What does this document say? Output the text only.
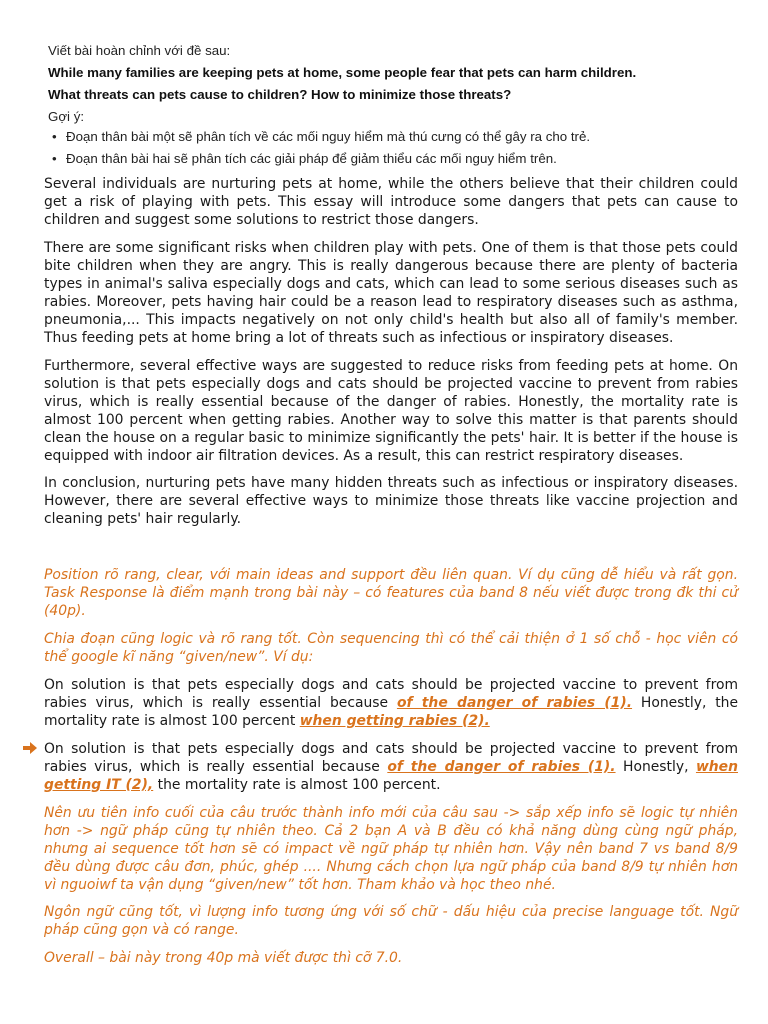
Viết bài hoàn chỉnh với đề sau:
While many families are keeping pets at home, some people fear that pets can harm children.
What threats can pets cause to children? How to minimize those threats?
Gợi ý:
• Đoạn thân bài một sẽ phân tích về các mối nguy hiểm mà thú cưng có thể gây ra cho trẻ.
• Đoạn thân bài hai sẽ phân tích các giải pháp để giảm thiểu các mối nguy hiểm trên.

Several individuals are nurturing pets at home, while the others believe that their children could get a risk of playing with pets. This essay will introduce some dangers that pets can cause to children and suggest some solutions to restrict those dangers.

There are some significant risks when children play with pets. One of them is that those pets could bite children when they are angry. This is really dangerous because there are plenty of bacteria types in animal's saliva especially dogs and cats, which can lead to some serious diseases such as rabies. Moreover, pets having hair could be a reason lead to respiratory diseases such as asthma, pneumonia,... This impacts negatively on not only child's health but also all of family's member. Thus feeding pets at home bring a lot of threats such as infectious or inspiratory diseases.

Furthermore, several effective ways are suggested to reduce risks from feeding pets at home. On solution is that pets especially dogs and cats should be projected vaccine to prevent from rabies virus, which is really essential because of the danger of rabies. Honestly, the mortality rate is almost 100 percent when getting rabies. Another way to solve this matter is that parents should clean the house on a regular basic to minimize significantly the pets' hair. It is better if the house is equipped with indoor air filtration devices. As a result, this can restrict respiratory diseases.

In conclusion, nurturing pets have many hidden threats such as infectious or inspiratory diseases. However, there are several effective ways to minimize those threats like vaccine projection and cleaning pets' hair regularly.

Position rõ rang, clear, với main ideas and support đều liên quan. Ví dụ cũng dễ hiểu và rất gọn. Task Response là điểm mạnh trong bài này – có features của band 8 nếu viết được trong đk thi cử (40p).

Chia đoạn cũng logic và rõ rang tốt. Còn sequencing thì có thể cải thiện ở 1 số chỗ - học viên có thể google kĩ năng “given/new”. Ví dụ:

On solution is that pets especially dogs and cats should be projected vaccine to prevent from rabies virus, which is really essential because of the danger of rabies (1). Honestly, the mortality rate is almost 100 percent when getting rabies (2).

On solution is that pets especially dogs and cats should be projected vaccine to prevent from rabies virus, which is really essential because of the danger of rabies (1). Honestly, when getting IT (2), the mortality rate is almost 100 percent.

Nên ưu tiên info cuối của câu trước thành info mới của câu sau -> sắp xếp info sẽ logic tự nhiên hơn -> ngữ pháp cũng tự nhiên theo. Cả 2 bạn A và B đều có khả năng dùng cùng ngữ pháp, nhưng ai sequence tốt hơn sẽ có impact về ngữ pháp tự nhiên hơn. Vậy nên band 7 vs band 8/9 đều dùng được câu đơn, phúc, ghép .... Nhưng cách chọn lựa ngữ pháp của band 8/9 tự nhiên hơn vì nguoiwf ta vận dụng “given/new” tốt hơn. Tham khảo và học theo nhé.

Ngôn ngữ cũng tốt, vì lượng info tương ứng với số chữ - dấu hiệu của precise language tốt. Ngữ pháp cũng gọn và có range.

Overall – bài này trong 40p mà viết được thì cỡ 7.0.
